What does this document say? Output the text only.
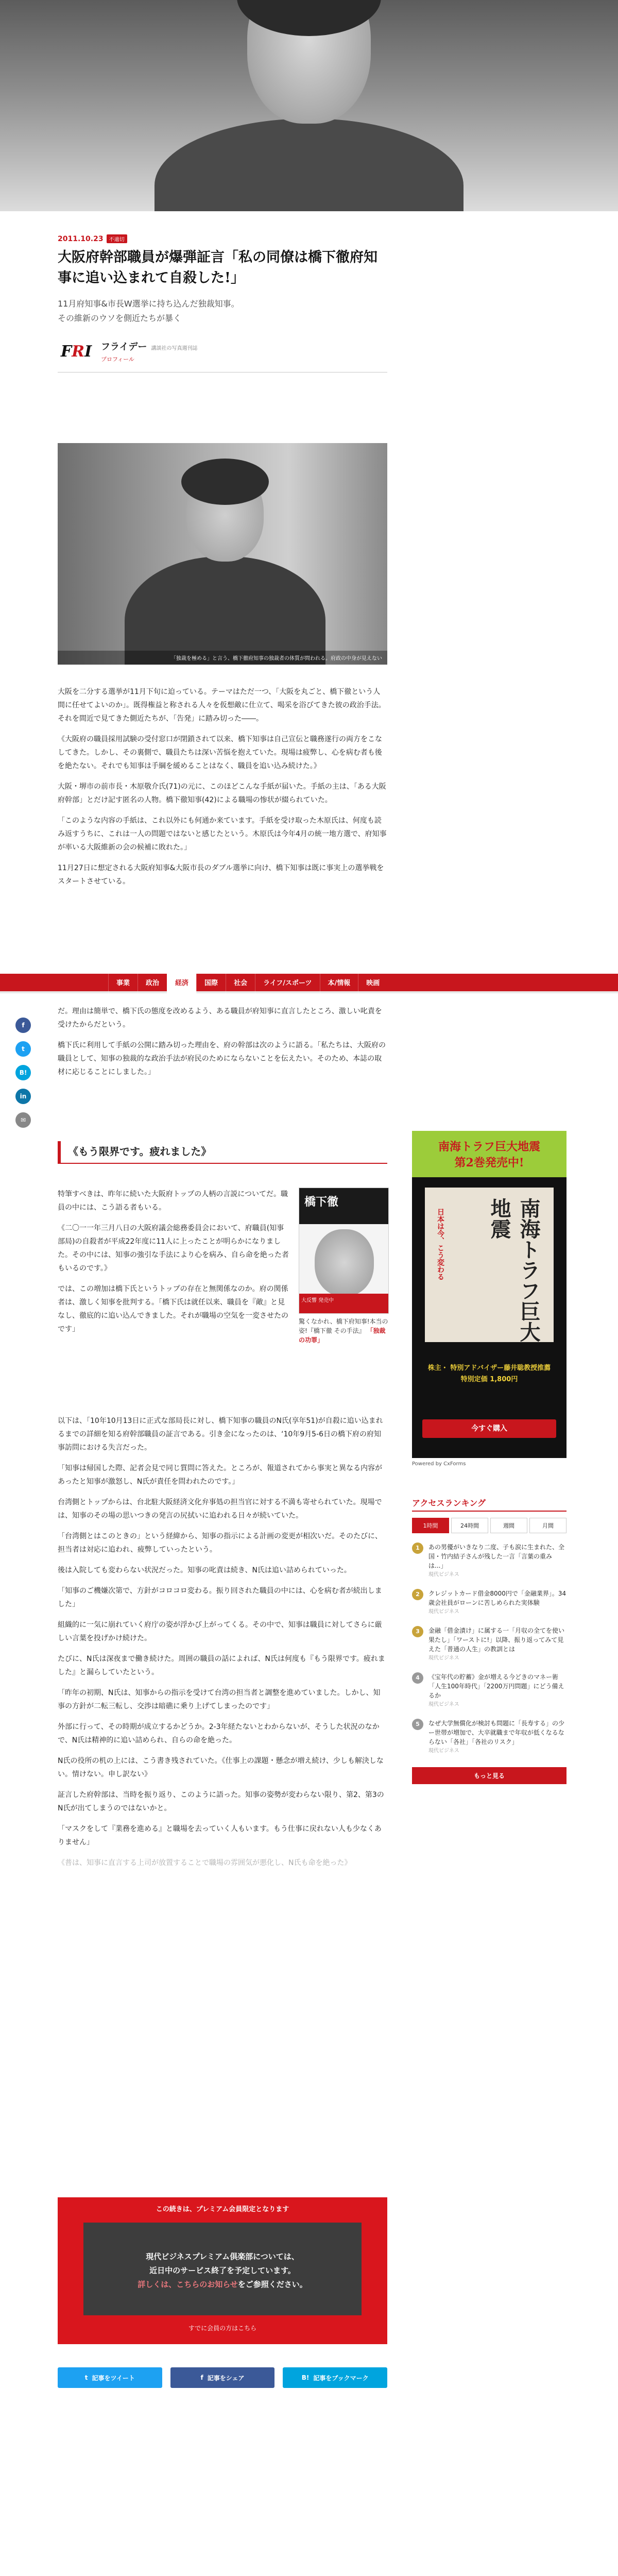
2011.10.23	不適切
大阪府幹部職員が爆弾証言「私の同僚は橋下徹府知事に追い込まれて自殺した!」
11月府知事&市長W選挙に持ち込んだ独裁知事。
その維新のウソを側近たちが暴く
F R I フライデー 講談社の写真週刊誌
プロフィール
「独裁を極める」と言う、橋下徹府知事の独裁者の体質が問われる。府政の中身が見えない

大阪を二分する選挙が11月下旬に迫っている。テーマはただ一つ、「大阪を丸ごと、橋下徹という人間に任せてよいのか」。既得権益と称される人々を仮想敵に仕立て、喝采を浴びてきた彼の政治手法。それを間近で見てきた側近たちが、「告発」に踏み切った――。

《大阪府の職員採用試験の受付窓口が閉鎖されて以来、橋下知事は自己宣伝と職務遂行の両方をこなしてきた。しかし、その裏側で、職員たちは深い苦悩を抱えていた。現場は疲弊し、心を病む者も後を絶たない。それでも知事は手綱を緩めることはなく、職員を追い込み続けた。》

大阪・堺市の前市長・木原敬介氏(71)の元に、このほどこんな手紙が届いた。手紙の主は、「ある大阪府幹部」とだけ記す匿名の人物。橋下徹知事(42)による職場の惨状が綴られていた。

「このような内容の手紙は、これ以外にも何通か来ています。手紙を受け取った木原氏は、何度も読み返すうちに、これは一人の問題ではないと感じたという。木原氏は今年4月の統一地方選で、府知事が率いる大阪維新の会の候補に敗れた。」

11月27日に想定される大阪府知事&大阪市長のダブル選挙に向け、橋下知事は既に事実上の選挙戦をスタートさせている。

事業	政治	経済	国際	社会	ライフ/スポーツ	本/情報	映画
f
t
B!
in
✉

だ。理由は簡単で、橋下氏の態度を改めるよう、ある職員が府知事に直言したところ、激しい叱責を受けたからだという。

橋下氏に利用して手紙の公開に踏み切った理由を、府の幹部は次のように語る。「私たちは、大阪府の職員として、知事の独裁的な政治手法が府民のためにならないことを伝えたい。そのため、本誌の取材に応じることにしました。」

《もう限界です。疲れました》

特筆すべきは、昨年に続いた大阪府トップの人柄の言説についてだ。職員の中には、こう語る者もいる。

《二〇一一年三月八日の大阪府議会総務委員会において、府職員(知事部局)の自殺者が平成22年度に11人に上ったことが明らかになりました。その中には、知事の強引な手法により心を病み、自ら命を絶った者もいるのです。》

では、この増加は橋下氏というトップの存在と無関係なのか。府の関係者は、激しく知事を批判する。「橋下氏は就任以来、職員を『敵』と見なし、徹底的に追い込んできました。それが職場の空気を一変させたのです」

橋下徹
大反響 発売中
驚くなかれ、橋下府知事!本当の姿!『橋下徹 その手法』 「独裁の功罪」

以下は、「10年10月13日に正式な部局長に対し、橋下知事の職員のN氏(享年51)が自殺に追い込まれるまでの詳細を知る府幹部職員の証言である。引き金になったのは、‘10年9月5-6日の橋下府の府知事訪問における失言だった。

「知事は帰国した際、記者会見で同じ質問に答えた。ところが、報道されてから事実と異なる内容があったと知事が激怒し、N氏が責任を問われたのです。」

台湾側とトップからは、台北駐大阪経済文化弁事処の担当官に対する不満も寄せられていた。現場では、知事のその場の思いつきの発言の尻拭いに追われる日々が続いていた。

「台湾側とはこのときの」という経緯から、知事の指示による計画の変更が相次いだ。そのたびに、担当者は対応に追われ、疲弊していったという。

後は入院しても変わらない状況だった。知事の叱責は続き、N氏は追い詰められていった。

「知事のご機嫌次第で、方針がコロコロ変わる。振り回された職員の中には、心を病む者が続出しました」

組織的に一気に崩れていく府庁の姿が浮かび上がってくる。その中で、知事は職員に対してさらに厳しい言葉を投げかけ続けた。

たびに、N氏は深夜まで働き続けた。周囲の職員の話によれば、N氏は何度も『もう限界です。疲れました』と漏らしていたという。

「昨年の初期、N氏は、知事からの指示を受けて台湾の担当者と調整を進めていました。しかし、知事の方針が二転三転し、交渉は暗礁に乗り上げてしまったのです」

外部に行って、その時期が成立するかどうか。2-3年経たないとわからないが、そうした状況のなかで、N氏は精神的に追い詰められ、自らの命を絶った。

N氏の役所の机の上には、こう書き残されていた。《仕事上の課題・懸念が増え続け、少しも解決しない。情けない。申し訳ない》

証言した府幹部は、当時を振り返り、このように語った。知事の姿勢が変わらない限り、第2、第3のN氏が出てしまうのではないかと。

「マスクをして『業務を進める』と職場を去っていく人もいます。もう仕事に戻れない人も少なくありません」

《普は、知事に直言する上司が放置することで職場の雰囲気が悪化し、N氏も命を絶った》

南海トラフ巨大地震
第2巻発売中!
南海トラフ巨大地震
日本は今、こう変わる
株主・ 特別アドバイザー藤井聡教授推薦
特別定価 1,800円
今すぐ購入
Powered by CxForms
アクセスランキング
1時間	24時間	週間	月間
1	あの男優がいきなり二度、子も涙に生まれた、全国・竹内結子さんが残した一言「言葉の重みは...」
現代ビジネス
2	クレジットカード借金8000円で「金融業界」。34歳会社員がローンに苦しめられた実体験
現代ビジネス
3	金融「借金漬け」に属する一「月収の全てを使い果たし」「ワーストに!」以降、振り返ってみて見えた「普通の人生」の教訓とは
現代ビジネス
4	《宝年代の貯蓄》金が増える今どきのマネー術 「人生100年時代」「2200万円問題」にどう備えるか
現代ビジネス
5	なぜ大学無償化が検討も問題に「長寿する」の少ー世帯が増加で、大卒就職まで年収が低くなるならない「各社」「各社のリスク」
現代ビジネス
もっと見る
この続きは、プレミアム会員限定となります
現代ビジネスプレミアム倶楽部については、
近日中のサービス終了を予定しています。
詳しくは、こちらのお知らせをご参照ください。
すでに会員の方はこちら
t 記事をツイート	f 記事をシェア	B! 記事をブックマーク
